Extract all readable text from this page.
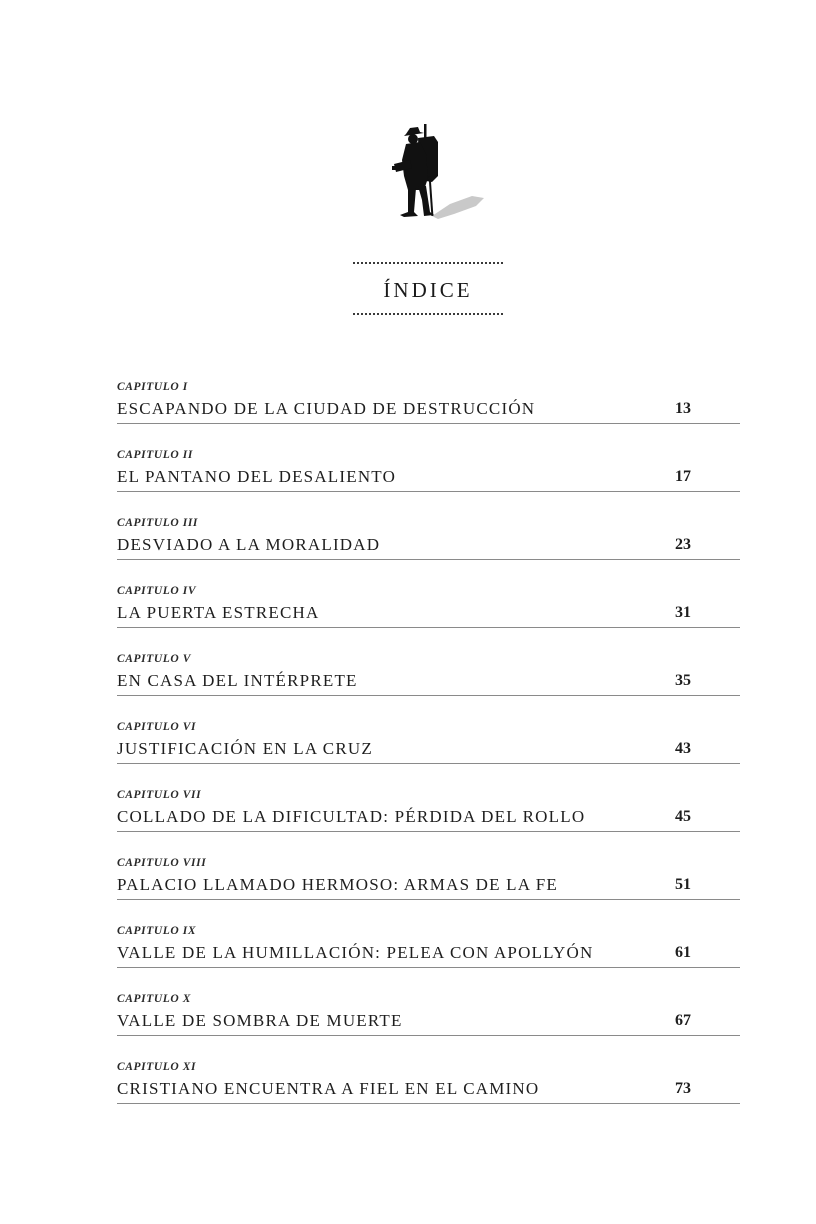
ÍNDICE
CAPITULO I
ESCAPANDO DE LA CIUDAD DE DESTRUCCIÓN	13
CAPITULO II
EL PANTANO DEL DESALIENTO	17
CAPITULO III
DESVIADO A LA MORALIDAD	23
CAPITULO IV
LA PUERTA ESTRECHA	31
CAPITULO V
EN CASA DEL INTÉRPRETE	35
CAPITULO VI
JUSTIFICACIÓN EN LA CRUZ	43
CAPITULO VII
COLLADO DE LA DIFICULTAD: PÉRDIDA DEL ROLLO	45
CAPITULO VIII
PALACIO LLAMADO HERMOSO: ARMAS DE LA FE	51
CAPITULO IX
VALLE DE LA HUMILLACIÓN: PELEA CON APOLLYÓN	61
CAPITULO X
VALLE DE SOMBRA DE MUERTE	67
CAPITULO XI
CRISTIANO ENCUENTRA A FIEL EN EL CAMINO	73
